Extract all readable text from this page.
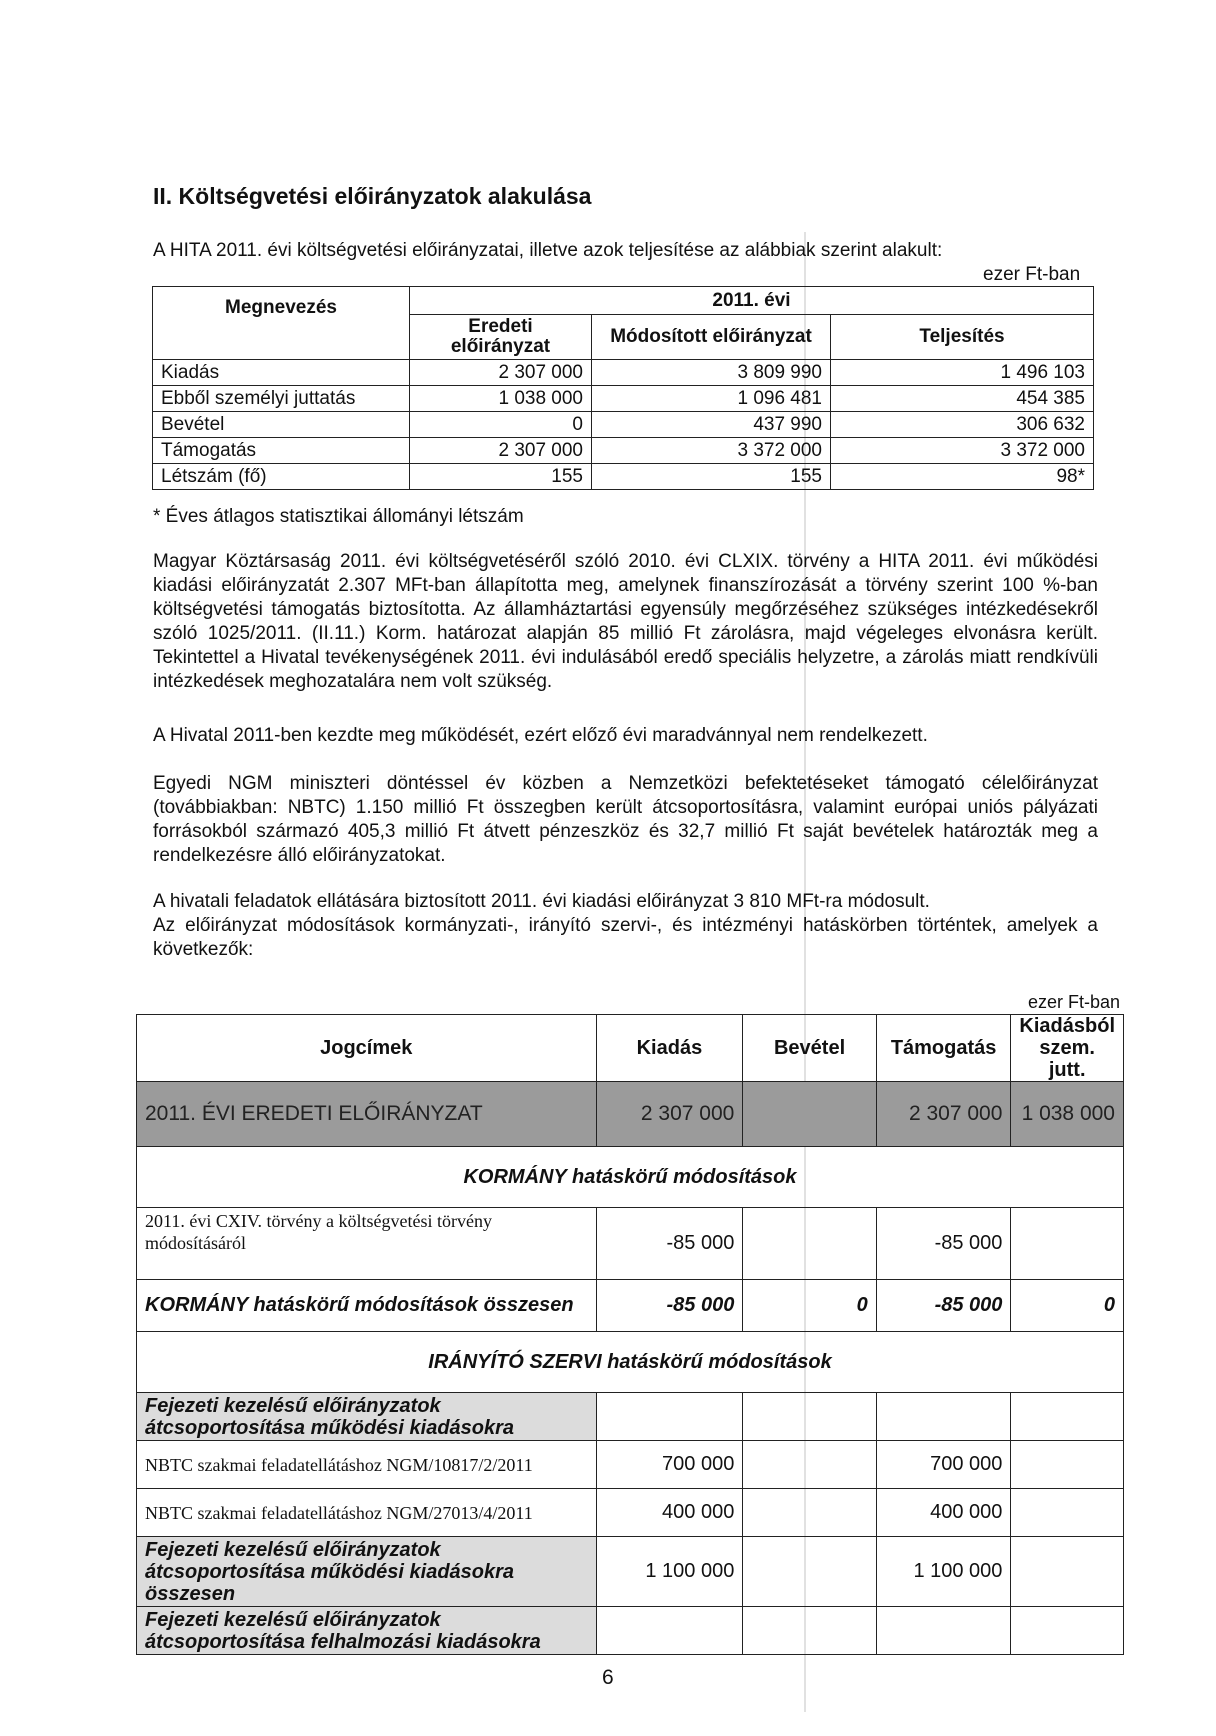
II. Költségvetési előirányzatok alakulása
A HITA 2011. évi költségvetési előirányzatai, illetve azok teljesítése az alábbiak szerint alakult:
ezer Ft-ban
Megnevezés	2011. évi		
	Eredeti előirányzat	Módosított előirányzat	Teljesítés
Kiadás	2 307 000	3 809 990	1 496 103
Ebből személyi juttatás	1 038 000	1 096 481	454 385
Bevétel	0	437 990	306 632
Támogatás	2 307 000	3 372 000	3 372 000
Létszám (fő)	155	155	98*
* Éves átlagos statisztikai állományi létszám
Magyar Köztársaság 2011. évi költségvetéséről szóló 2010. évi CLXIX. törvény a HITA 2011. évi működési kiadási előirányzatát 2.307 MFt-ban állapította meg, amelynek finanszírozását a törvény szerint 100 %-ban költségvetési támogatás biztosította. Az államháztartási egyensúly megőrzéséhez szükséges intézkedésekről szóló 1025/2011. (II.11.) Korm. határozat alapján 85 millió Ft zárolásra, majd végeleges elvonásra került. Tekintettel a Hivatal tevékenységének 2011. évi indulásából eredő speciális helyzetre, a zárolás miatt rendkívüli intézkedések meghozatalára nem volt szükség.
A Hivatal 2011-ben kezdte meg működését, ezért előző évi maradvánnyal nem rendelkezett.
Egyedi NGM miniszteri döntéssel év közben a Nemzetközi befektetéseket támogató célelőirányzat (továbbiakban: NBTC) 1.150 millió Ft összegben került átcsoportosításra, valamint európai uniós pályázati forrásokból származó 405,3 millió Ft átvett pénzeszköz és 32,7 millió Ft saját bevételek határozták meg a rendelkezésre álló előirányzatokat.
A hivatali feladatok ellátására biztosított 2011. évi kiadási előirányzat 3 810 MFt-ra módosult.
Az előirányzat módosítások kormányzati-, irányító szervi-, és intézményi hatáskörben történtek, amelyek a következők:
ezer Ft-ban
Jogcímek	Kiadás	Bevétel	Támogatás	Kiadásból szem. jutt.
2011. ÉVI EREDETI ELŐIRÁNYZAT	2 307 000		2 307 000	1 038 000
KORMÁNY hatáskörű módosítások				
2011. évi CXIV. törvény a költségvetési törvény módosításáról	-85 000		-85 000	
KORMÁNY hatáskörű módosítások összesen	-85 000	0	-85 000	0
IRÁNYÍTÓ SZERVI hatáskörű módosítások				
Fejezeti kezelésű előirányzatok átcsoportosítása működési kiadásokra				
NBTC szakmai feladatellátáshoz NGM/10817/2/2011	700 000		700 000	
NBTC szakmai feladatellátáshoz NGM/27013/4/2011	400 000		400 000	
Fejezeti kezelésű előirányzatok átcsoportosítása működési kiadásokra összesen	1 100 000		1 100 000	
Fejezeti kezelésű előirányzatok átcsoportosítása felhalmozási kiadásokra				
6
